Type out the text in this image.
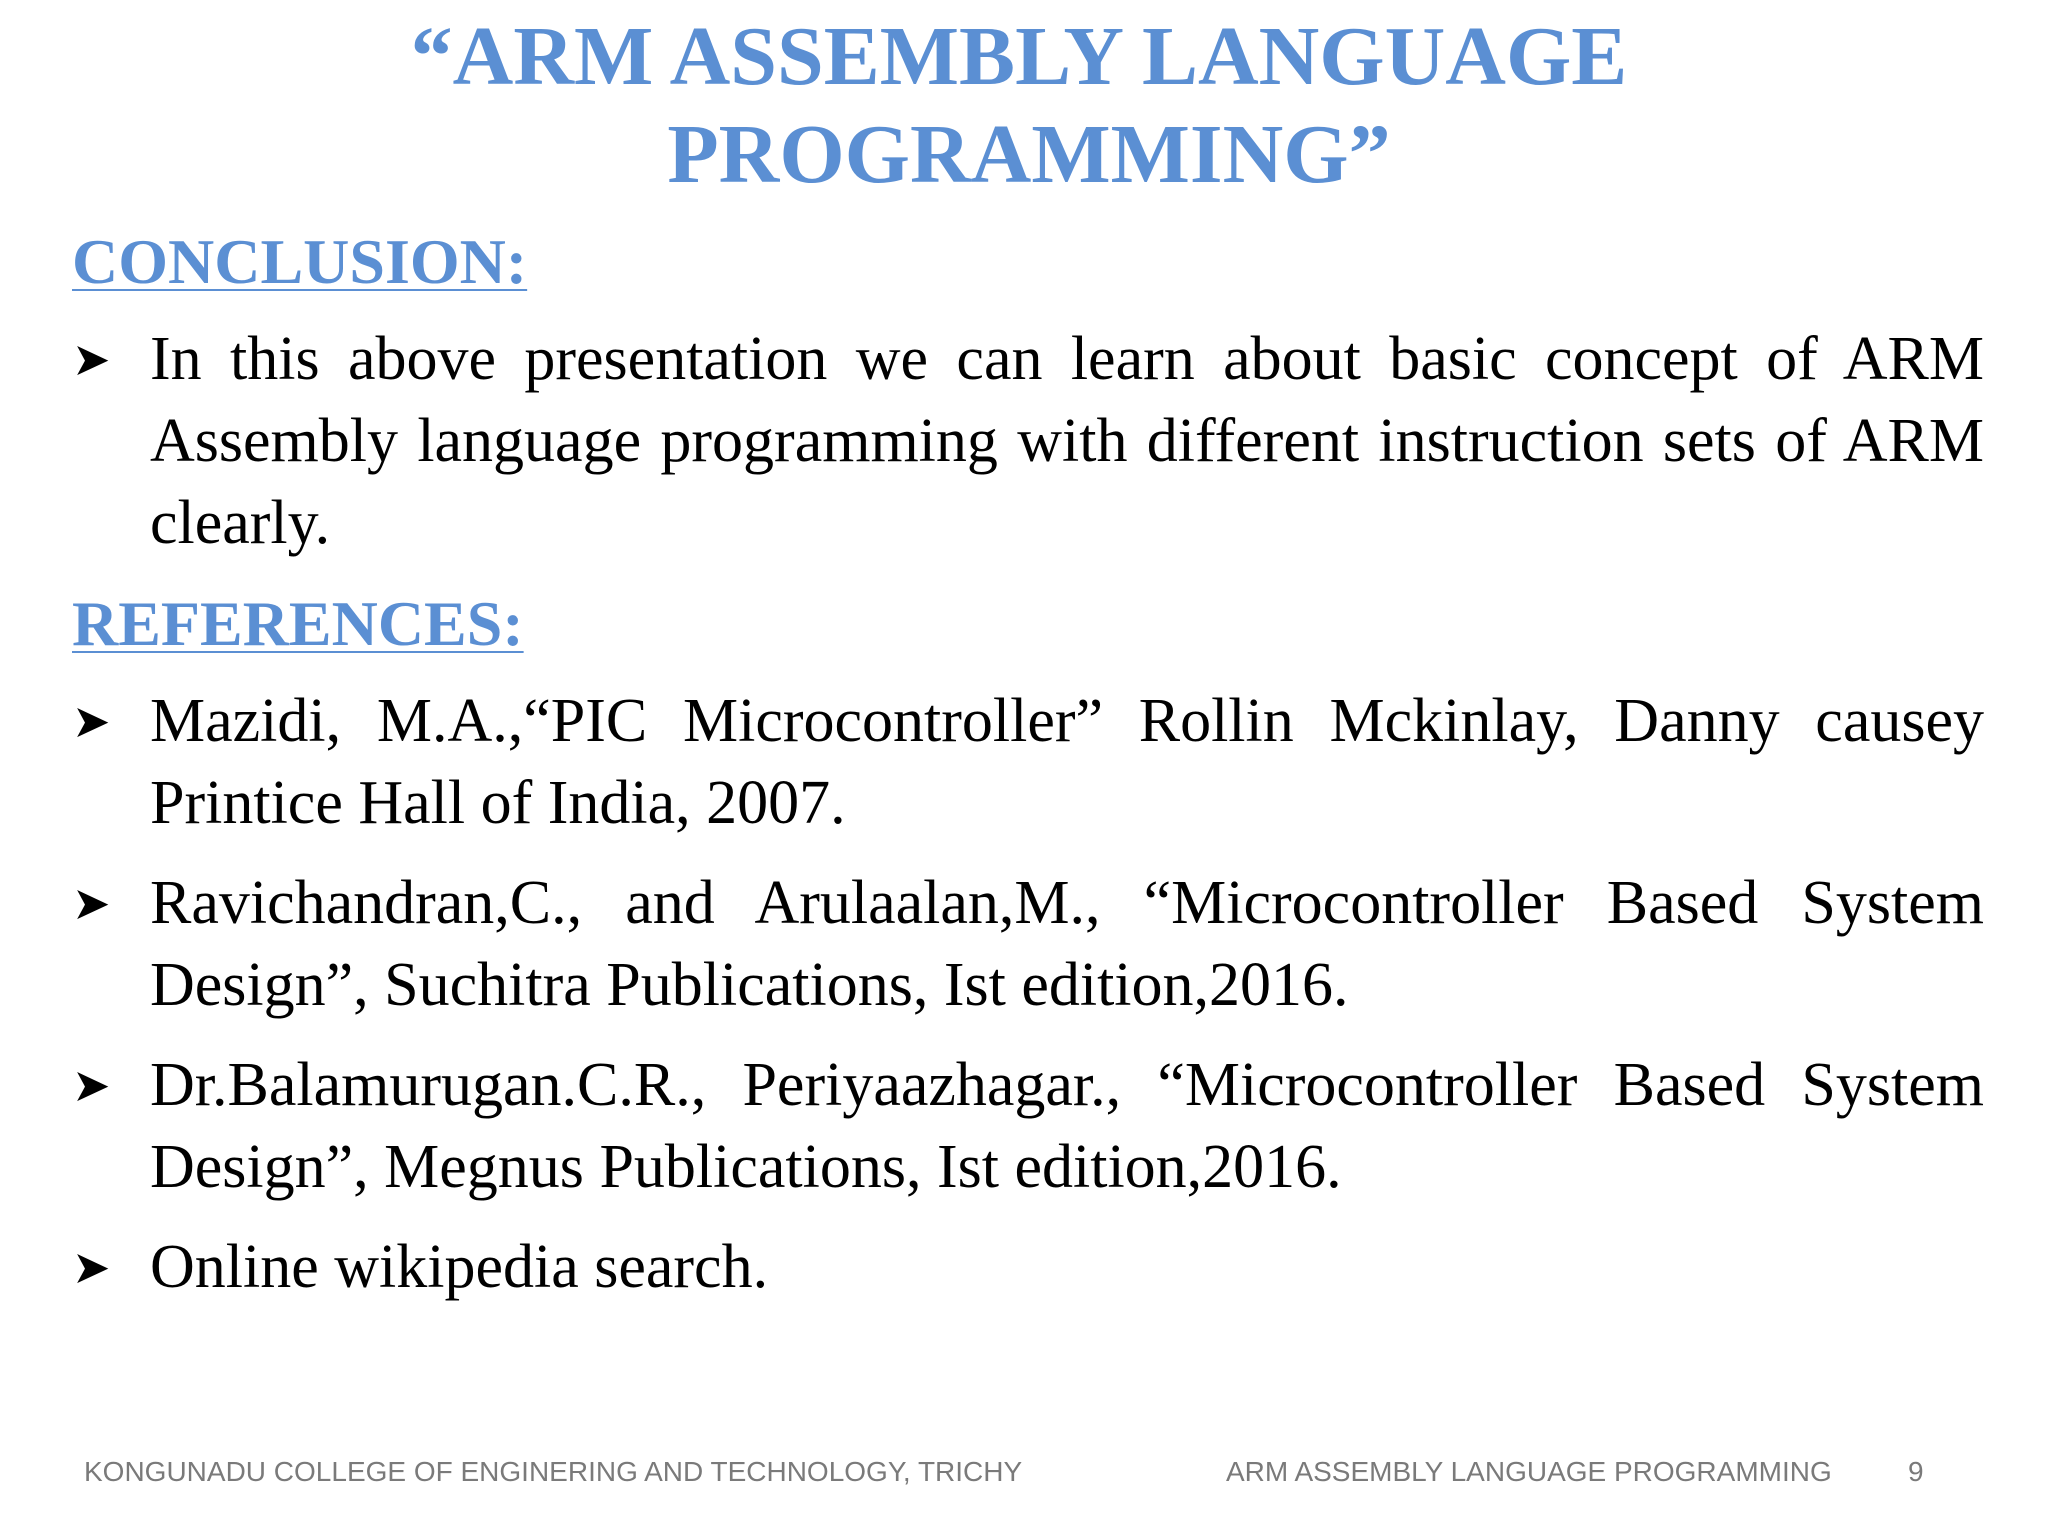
“ARM ASSEMBLY LANGUAGE
PROGRAMMING”
CONCLUSION:
➤ In this above presentation we can learn about basic concept of ARM Assembly language programming with different instruction sets of ARM clearly.
REFERENCES:
➤ Mazidi, M.A.,“PIC Microcontroller” Rollin Mckinlay, Danny causey Printice Hall of India, 2007.
➤ Ravichandran,C., and Arulaalan,M., “Microcontroller Based System Design”, Suchitra Publications, Ist edition,2016.
➤ Dr.Balamurugan.C.R., Periyaazhagar., “Microcontroller Based System Design”, Megnus Publications, Ist edition,2016.
➤ Online wikipedia search.
KONGUNADU COLLEGE OF ENGINERING AND TECHNOLOGY, TRICHY	ARM ASSEMBLY LANGUAGE PROGRAMMING	9
